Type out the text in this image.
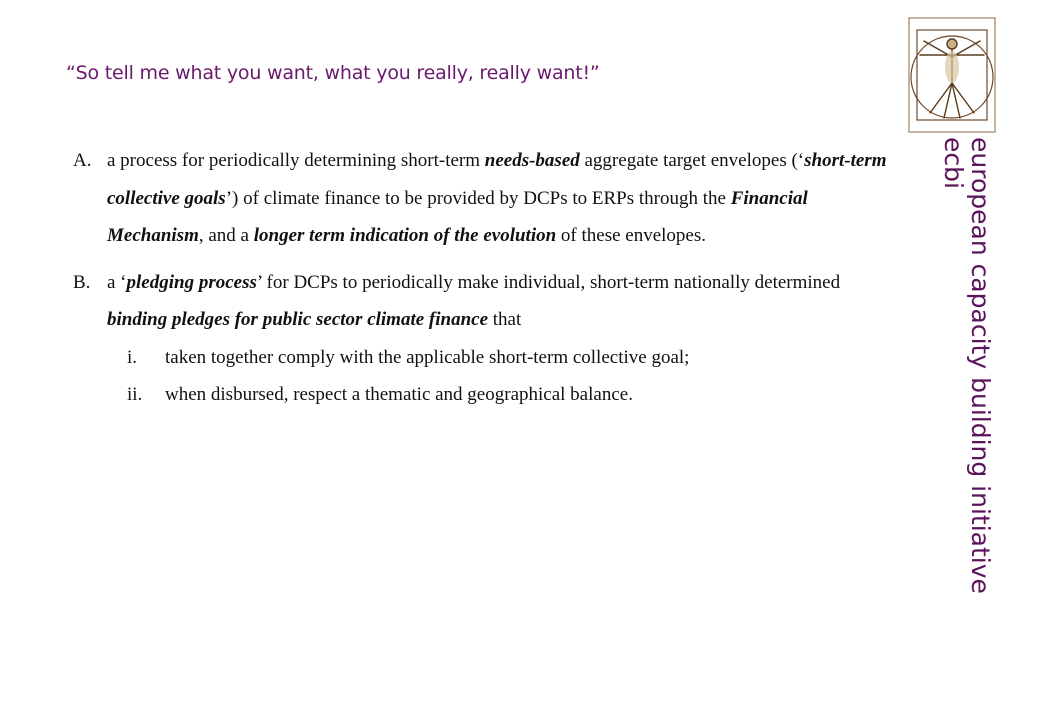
“So tell me what you want, what you really, really want!”
A. a process for periodically determining short-term needs-based aggregate target envelopes (‘short-term collective goals’) of climate finance to be provided by DCPs to ERPs through the Financial Mechanism, and a longer term indication of the evolution of these envelopes.
B. a ‘pledging process’ for DCPs to periodically make individual, short-term nationally determined binding pledges for public sector climate finance that
i. taken together comply with the applicable short-term collective goal;
ii. when disbursed, respect a thematic and geographical balance.	european capacity building initiative
ecbi
